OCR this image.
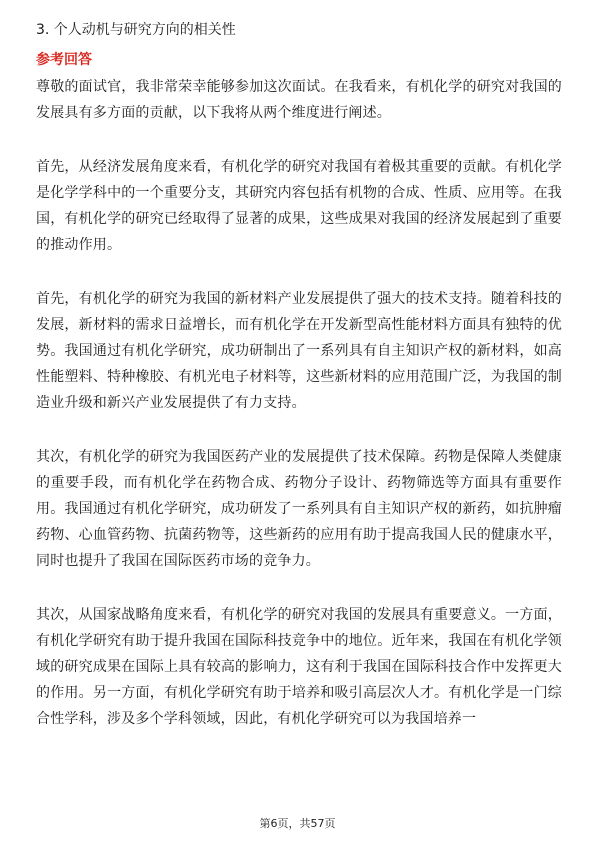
3. 个人动机与研究方向的相关性
参考回答
尊敬的面试官，我非常荣幸能够参加这次面试。在我看来，有机化学的研究对我国的发展具有多方面的贡献，以下我将从两个维度进行阐述。
首先，从经济发展角度来看，有机化学的研究对我国有着极其重要的贡献。有机化学是化学学科中的一个重要分支，其研究内容包括有机物的合成、性质、应用等。在我国，有机化学的研究已经取得了显著的成果，这些成果对我国的经济发展起到了重要的推动作用。
首先，有机化学的研究为我国的新材料产业发展提供了强大的技术支持。随着科技的发展，新材料的需求日益增长，而有机化学在开发新型高性能材料方面具有独特的优势。我国通过有机化学研究，成功研制出了一系列具有自主知识产权的新材料，如高性能塑料、特种橡胶、有机光电子材料等，这些新材料的应用范围广泛，为我国的制造业升级和新兴产业发展提供了有力支持。
其次，有机化学的研究为我国医药产业的发展提供了技术保障。药物是保障人类健康的重要手段，而有机化学在药物合成、药物分子设计、药物筛选等方面具有重要作用。我国通过有机化学研究，成功研发了一系列具有自主知识产权的新药，如抗肿瘤药物、心血管药物、抗菌药物等，这些新药的应用有助于提高我国人民的健康水平，同时也提升了我国在国际医药市场的竞争力。
其次，从国家战略角度来看，有机化学的研究对我国的发展具有重要意义。一方面，有机化学研究有助于提升我国在国际科技竞争中的地位。近年来，我国在有机化学领域的研究成果在国际上具有较高的影响力，这有利于我国在国际科技合作中发挥更大的作用。另一方面，有机化学研究有助于培养和吸引高层次人才。有机化学是一门综合性学科，涉及多个学科领域，因此，有机化学研究可以为我国培养一
第6页，共57页
